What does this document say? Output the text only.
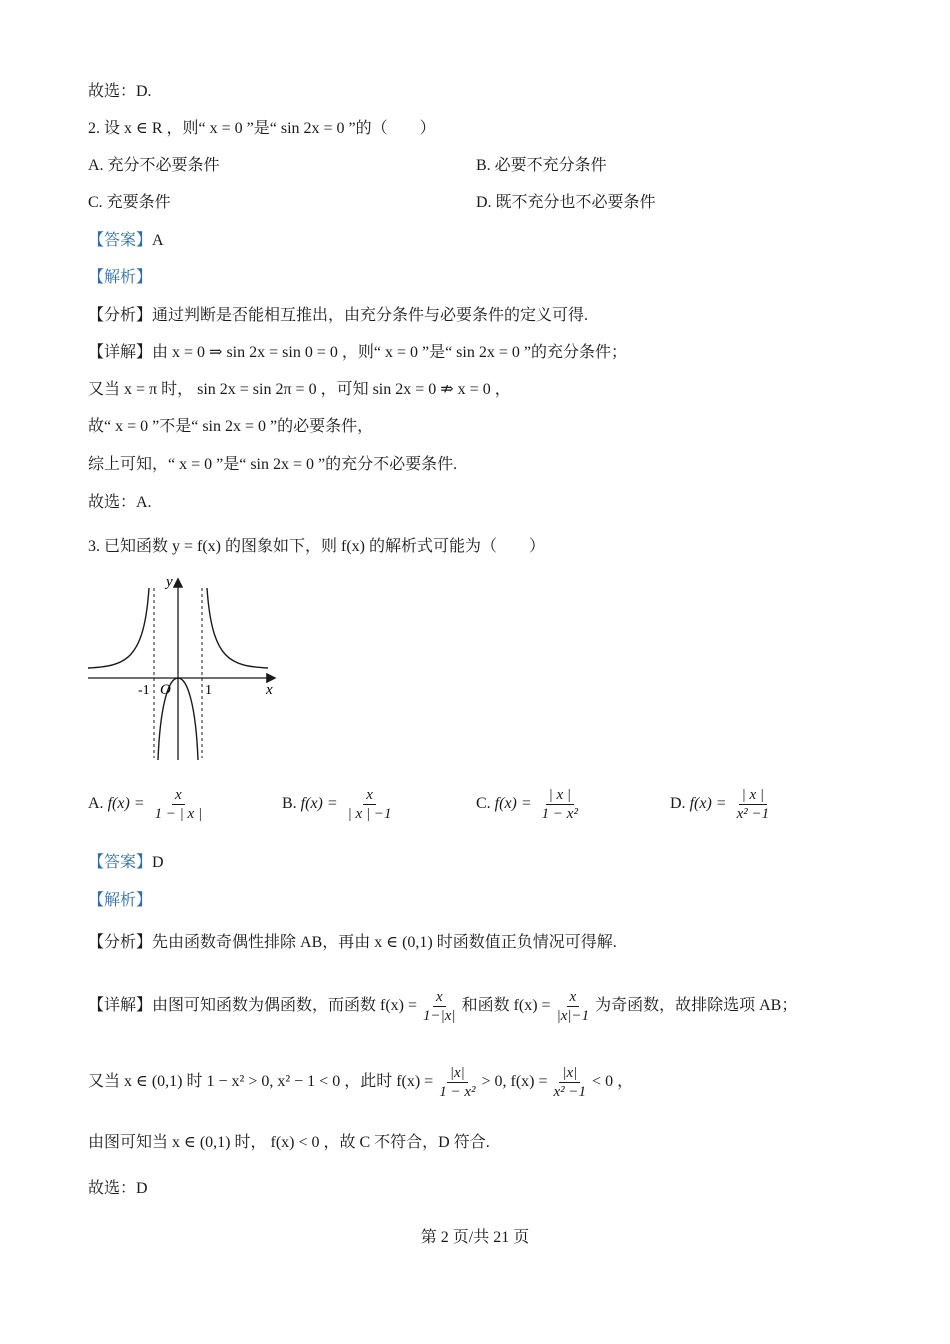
故选：D.
2. 设 x ∈ R ，则“ x = 0 ”是“ sin 2x = 0 ”的（　　）
A. 充分不必要条件	B. 必要不充分条件
C. 充要条件	D. 既不充分也不必要条件
【答案】A
【解析】
【分析】通过判断是否能相互推出，由充分条件与必要条件的定义可得.
【详解】由 x = 0 ⇒ sin 2x = sin 0 = 0 ，则“ x = 0 ”是“ sin 2x = 0 ”的充分条件；
又当 x = π 时， sin 2x = sin 2π = 0 ，可知 sin 2x = 0 ⇏ x = 0 ，
故“ x = 0 ”不是“ sin 2x = 0 ”的必要条件，
综上可知，“ x = 0 ”是“ sin 2x = 0 ”的充分不必要条件.
故选：A.
3. 已知函数 y = f(x) 的图象如下，则 f(x) 的解析式可能为（　　）
y
x
O
-1	1
A. $f(x) = \frac{x}{1 - | x |}$	B. $f(x) = \frac{x}{| x | -1}$	C. $f(x) = \frac{| x |}{\text{1 − x²}}$	D. $f(x) = \frac{| x |}{\text{x² −1}}$
【答案】D
【解析】
【分析】先由函数奇偶性排除 AB，再由 x ∈ (0,1) 时函数值正负情况可得解.
【详解】由图可知函数为偶函数，而函数 $f(x) = \frac{x}{1-|x|}$ 和函数 $f(x) = \frac{x}{|x|-1}$ 为奇函数，故排除选项 AB；
又当 x ∈ (0,1) 时 1 − x² > 0, x² − 1 < 0 ，此时 $f(x) = \frac{|x|}{\text{1 − x²}} > 0$, $f(x) = \frac{|x|}{\text{x² −1}} < 0$ ，
由图可知当 x ∈ (0,1) 时， f(x) < 0 ，故 C 不符合，D 符合.
故选：D
第 2 页/共 21 页
